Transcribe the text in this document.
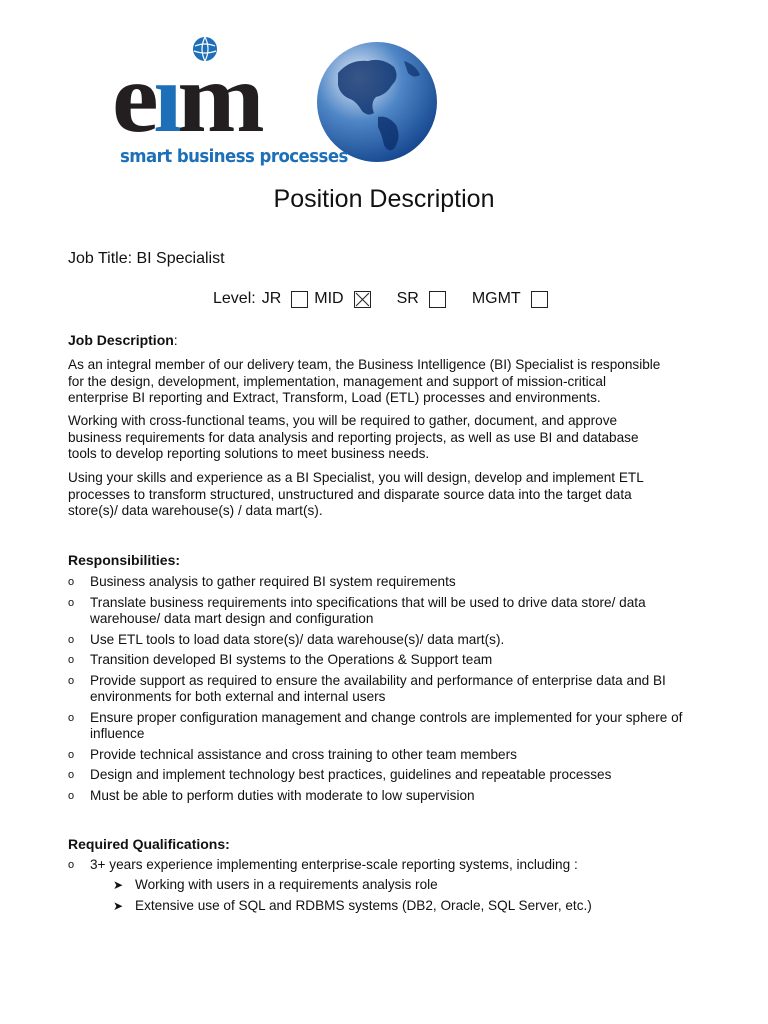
eım
smart business processes
Position Description
Job Title: BI Specialist
Level: JR MID	SR	MGMT
Job Description:
As an integral member of our delivery team, the Business Intelligence (BI) Specialist is responsible for the design, development, implementation, management and support of mission-critical enterprise BI reporting and Extract, Transform, Load (ETL) processes and environments.
Working with cross-functional teams, you will be required to gather, document, and approve business requirements for data analysis and reporting projects, as well as use BI and database tools to develop reporting solutions to meet business needs.
Using your skills and experience as a BI Specialist, you will design, develop and implement ETL processes to transform structured, unstructured and disparate source data into the target data store(s)/ data warehouse(s) / data mart(s).
Responsibilities:
o Business analysis to gather required BI system requirements
o Translate business requirements into specifications that will be used to drive data store/ data warehouse/ data mart design and configuration
o Use ETL tools to load data store(s)/ data warehouse(s)/ data mart(s).
o Transition developed BI systems to the Operations & Support team
o Provide support as required to ensure the availability and performance of enterprise data and BI environments for both external and internal users
o Ensure proper configuration management and change controls are implemented for your sphere of influence
o Provide technical assistance and cross training to other team members
o Design and implement technology best practices, guidelines and repeatable processes
o Must be able to perform duties with moderate to low supervision
Required Qualifications:
o 3+ years experience implementing enterprise-scale reporting systems, including :
➤ Working with users in a requirements analysis role
➤ Extensive use of SQL and RDBMS systems (DB2, Oracle, SQL Server, etc.)
